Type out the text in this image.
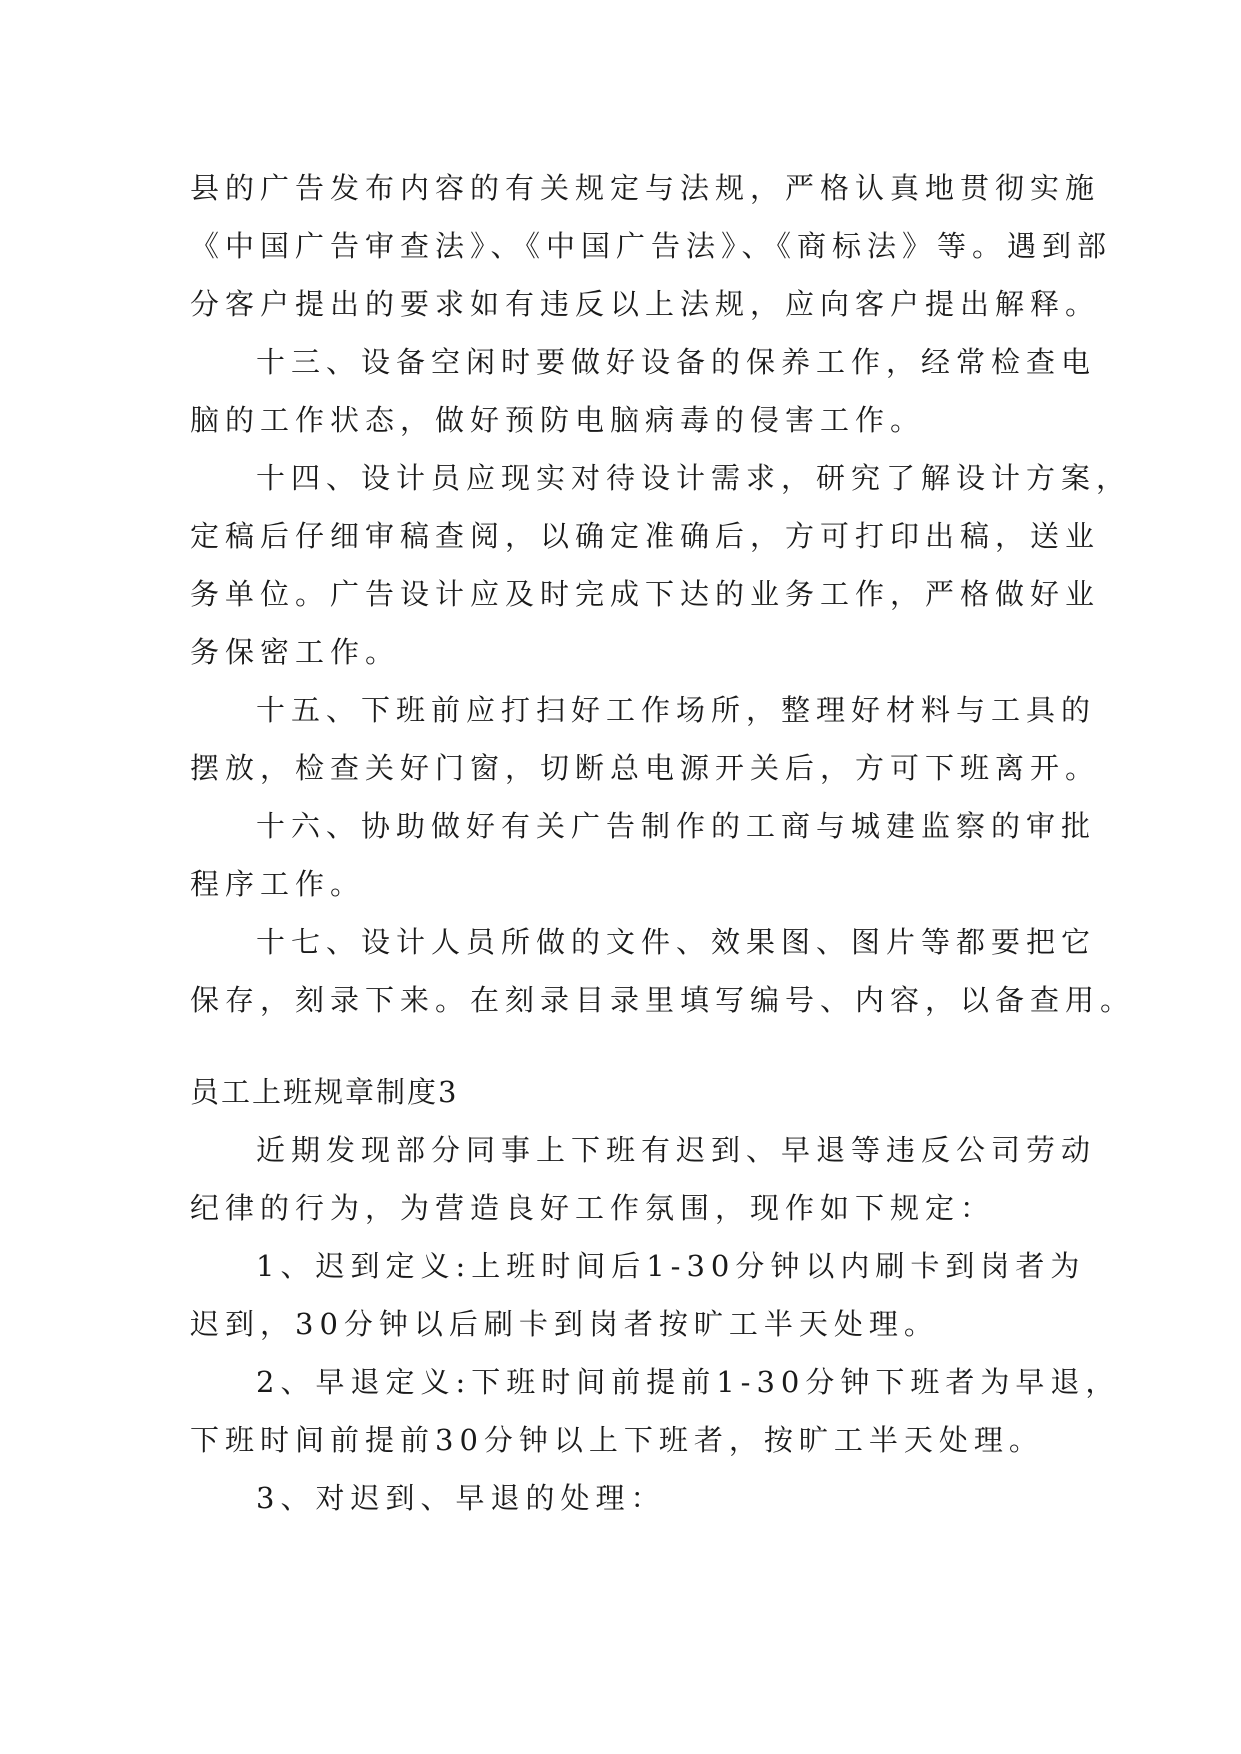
县的广告发布内容的有关规定与法规，严格认真地贯彻实施
《中国广告审查法》、《中国广告法》、《商标法》等。遇到部
分客户提出的要求如有违反以上法规，应向客户提出解释。
十三、设备空闲时要做好设备的保养工作，经常检查电
脑的工作状态，做好预防电脑病毒的侵害工作。
十四、设计员应现实对待设计需求，研究了解设计方案，
定稿后仔细审稿查阅，以确定准确后，方可打印出稿，送业
务单位。广告设计应及时完成下达的业务工作，严格做好业
务保密工作。
十五、下班前应打扫好工作场所，整理好材料与工具的
摆放，检查关好门窗，切断总电源开关后，方可下班离开。
十六、协助做好有关广告制作的工商与城建监察的审批
程序工作。
十七、设计人员所做的文件、效果图、图片等都要把它
保存，刻录下来。在刻录目录里填写编号、内容，以备查用。
员工上班规章制度3
近期发现部分同事上下班有迟到、早退等违反公司劳动
纪律的行为，为营造良好工作氛围，现作如下规定：
1、迟到定义:上班时间后1-30分钟以内刷卡到岗者为
迟到，30分钟以后刷卡到岗者按旷工半天处理。
2、早退定义:下班时间前提前1-30分钟下班者为早退，
下班时间前提前30分钟以上下班者，按旷工半天处理。
3、对迟到、早退的处理：
